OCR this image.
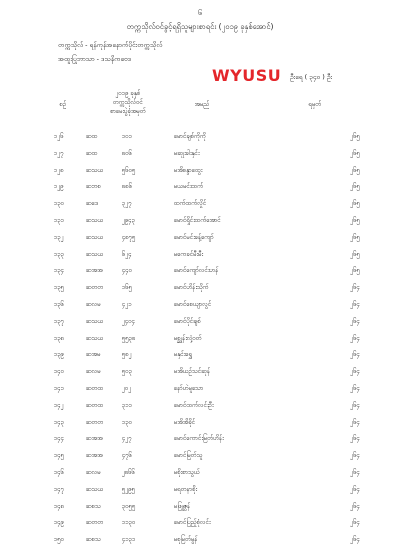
၆
တက္ကသိုလ်ဝင်ခွင့်ရရှိသူများစာရင်း (၂၀၁၉ ခုနှစ်အောင်)
တက္ကသိုလ် - ရန်ကုန်အနောက်ပိုင်းတက္ကသိုလ်
အထူးပြုဘာသာ - ဒသနိကဗေဒ
WYUSU ဦးရေ ( ၃၄၀ ) ဦး
စဉ်
၂၀၁၉ ခုနှစ်
တက္ကသိုလ်ဝင်
စာမေးပွဲခုံအမှတ်
အမည်	ရမှတ်
၁၂၆	ဆထ	၁၀၁	မောင်ချစ်ကိုကို	၂၆၅
၁၂၇	ဆထ	၈၀၆	မဆုုးခါးနှင်း	၂၆၅
၁၂၈	ဆသယ	၅၆၀၅	မအိစန္ဒာထွေး	၂၆၅
၁၂၉	ဆဘစ	၈၈၆	မယမင်းထက်	၂၆၅
၁၃၀	ဆဒေ	၃၂၇	ထက်ထက်လှိုင်	၂၆၅
၁၃၁	ဆသယ	၂၉၄၃	မောင်ရှိုင်းထက်အောင်	၂၆၅
၁၃၂	ဆသယ	၄၈၇၅	မောင်မင်းခန့်ကျော်	၂၆၅
၁၃၃	ဆသယ	၆၂၄	မကေခင်မီးမီး	၂၆၅
၁၃၄	ဆအအ	၄၄၀	မောင်ကျော်လင်းဟန်	၂၆၅
၁၃၅	ဆတတ	၁၆၅	မောင်ဟိန်းသိုက်	၂၆၄
၁၃၆	ဆလမ	၄၂၁	မောင်စေယျာလွင်	၂၆၄
၁၃၇	ဆသယ	၂၄၀၄	မောင်ပိုင်ချစ်	၂၆၄
၁၃၈	ဆသယ	၅၅၃၈	မစ္ဆုန်းလှံ့ဝတ်	၂၆၄
၁၃၉	ဆအမ	၅၈၂	မနှင်းရွှေ	၂၆၄
၁၄၀	ဆလမ	၅၀၃	မအိယဉ်သင်ဆုန်	၂၆၄
၁၄၁	ဆတထ	၂၀၂	နော်ဟဲမူသော	၂၆၄
၁၄၂	ဆတထ	၃၁၁	မောင်ထက်လင်းဦး	၂၆၄
၁၄၃	ဆတတ	၁၃၀	မအိအိခိုင်	၂၆၄
၁၄၄	ဆအအ	၄၂၇	မောင်ကောင်းမြတ်ဟိန်း	၂၆၄
၁၄၅	ဆအအ	၄၇၆	မောင်မြတ်သူ	၂၆၄
၁၄၆	ဆလမ	၂၈၆၆	မစိုးစာသွယ်	၂၆၄
၁၄၇	ဆသယ	၅၂၉၅	မရတနာစိုး	၂၆၄
၁၄၈	ဆစသ	၃၀၅၅	မဖြူဇွန်	၂၆၄
၁၄၉	ဆတတ	၁၁၃၀	မောင်ပြည့်စုံလင်း	၂၆၄
၁၅၀	ဆစသ	၄၁၃၁	မစုမြတ်မွန်	၂၆၄
